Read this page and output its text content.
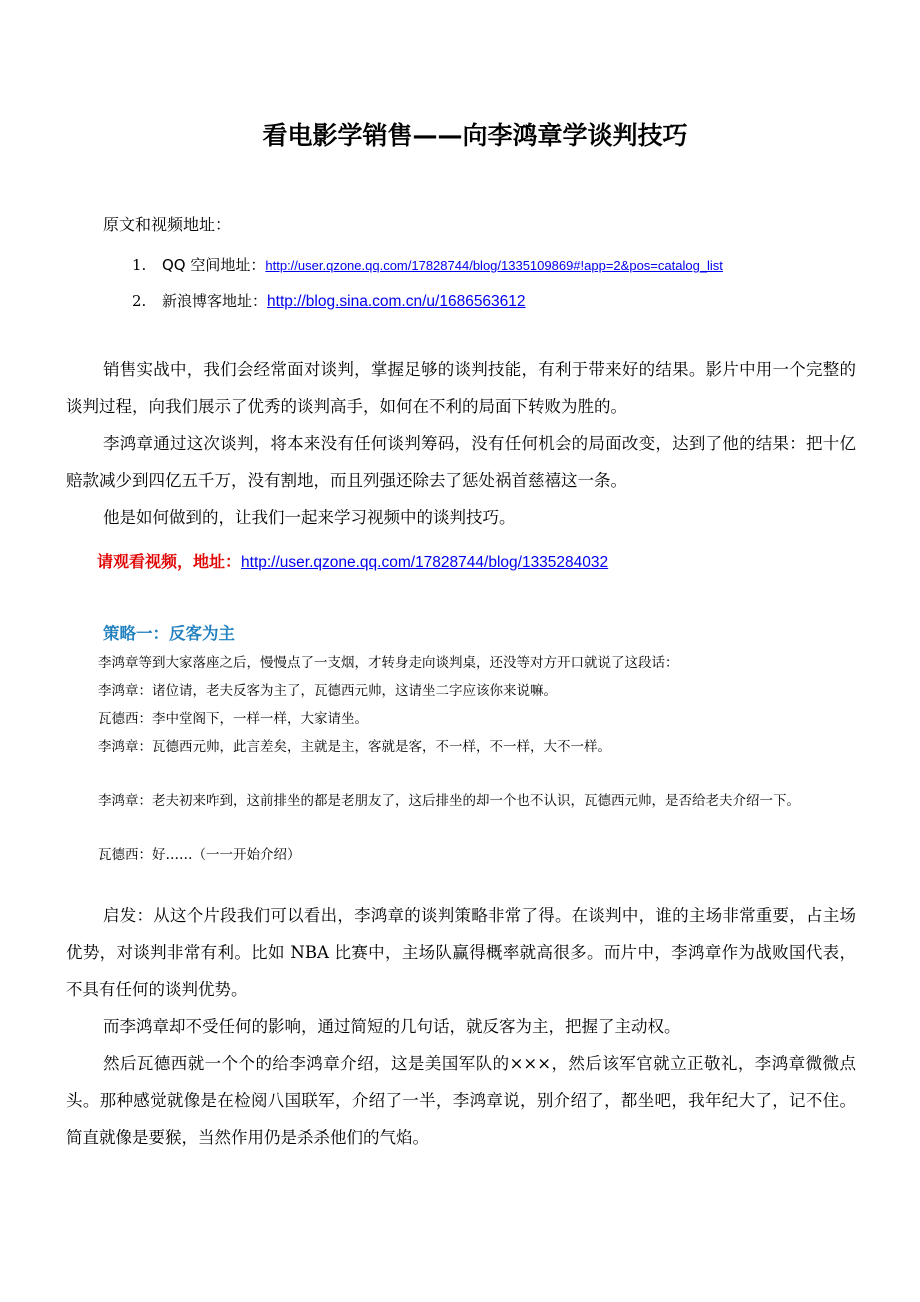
看电影学销售——向李鸿章学谈判技巧
原文和视频地址：
1. QQ 空间地址：http://user.qzone.qq.com/17828744/blog/1335109869#!app=2&pos=catalog_list
2. 新浪博客地址：http://blog.sina.com.cn/u/1686563612

销售实战中，我们会经常面对谈判，掌握足够的谈判技能，有利于带来好的结果。影片中用一个完整的谈判过程，向我们展示了优秀的谈判高手，如何在不利的局面下转败为胜的。

李鸿章通过这次谈判，将本来没有任何谈判筹码，没有任何机会的局面改变，达到了他的结果：把十亿赔款减少到四亿五千万，没有割地，而且列强还除去了惩处祸首慈禧这一条。

他是如何做到的，让我们一起来学习视频中的谈判技巧。

请观看视频，地址：http://user.qzone.qq.com/17828744/blog/1335284032
策略一：反客为主
李鸿章等到大家落座之后，慢慢点了一支烟，才转身走向谈判桌，还没等对方开口就说了这段话：
李鸿章：诸位请，老夫反客为主了，瓦德西元帅，这请坐二字应该你来说嘛。
瓦德西：李中堂阁下，一样一样，大家请坐。
李鸿章：瓦德西元帅，此言差矣，主就是主，客就是客，不一样，不一样，大不一样。

李鸿章：老夫初来咋到，这前排坐的都是老朋友了，这后排坐的却一个也不认识，瓦德西元帅，是否给老夫介绍一下。

瓦德西：好……（一一开始介绍）

启发：从这个片段我们可以看出，李鸿章的谈判策略非常了得。在谈判中，谁的主场非常重要，占主场优势，对谈判非常有利。比如 NBA 比赛中，主场队赢得概率就高很多。而片中，李鸿章作为战败国代表，不具有任何的谈判优势。

而李鸿章却不受任何的影响，通过简短的几句话，就反客为主，把握了主动权。

然后瓦德西就一个个的给李鸿章介绍，这是美国军队的×××，然后该军官就立正敬礼，李鸿章微微点头。那种感觉就像是在检阅八国联军，介绍了一半，李鸿章说，别介绍了，都坐吧，我年纪大了，记不住。简直就像是要猴，当然作用仍是杀杀他们的气焰。
